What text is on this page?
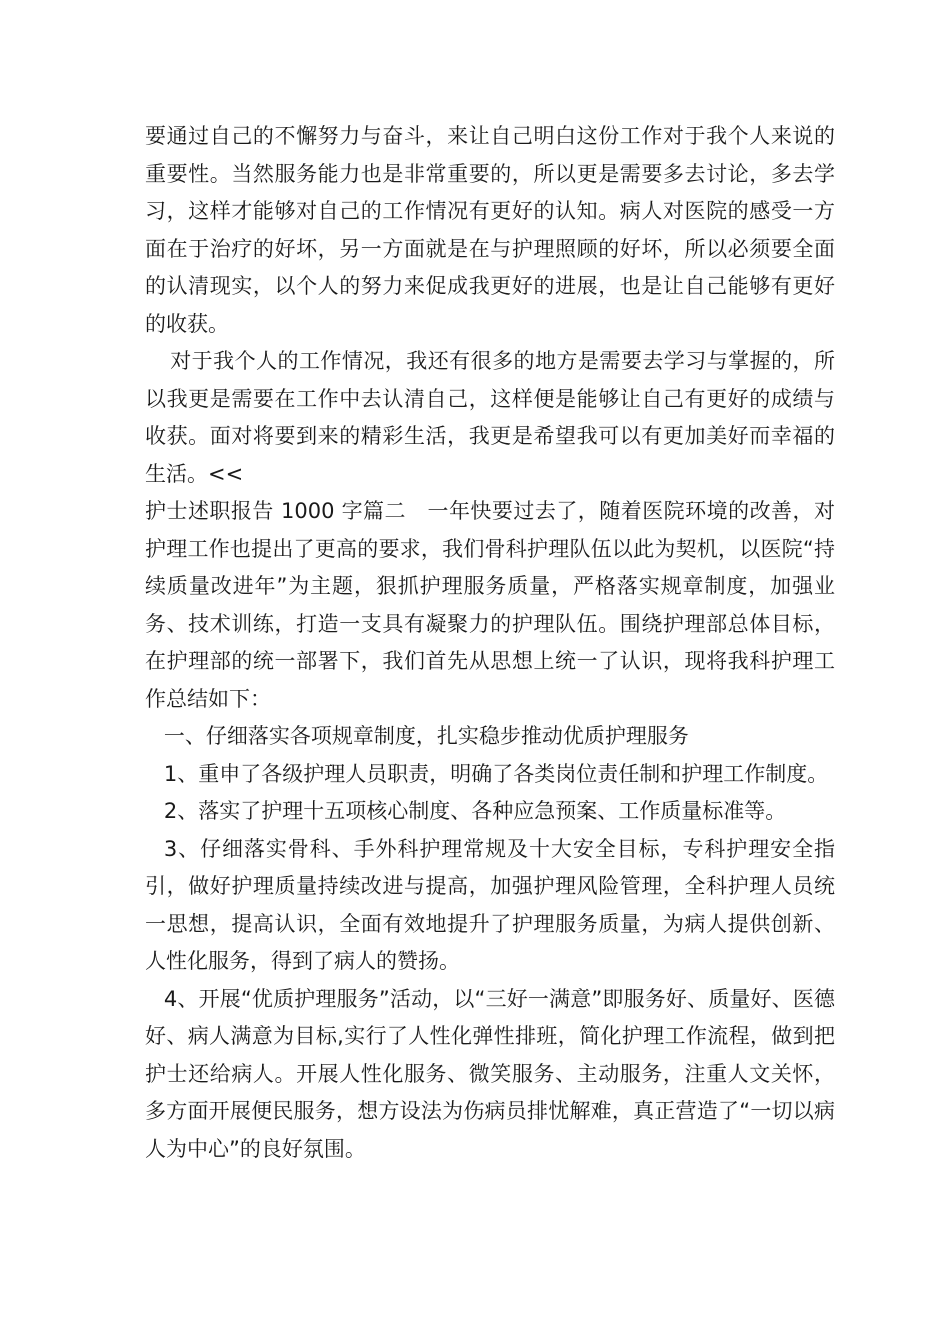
要通过自己的不懈努力与奋斗，来让自己明白这份工作对于我个人来说的重要性。当然服务能力也是非常重要的，所以更是需要多去讨论，多去学习，这样才能够对自己的工作情况有更好的认知。病人对医院的感受一方面在于治疗的好坏，另一方面就是在与护理照顾的好坏，所以必须要全面的认清现实，以个人的努力来促成我更好的进展，也是让自己能够有更好的收获。

对于我个人的工作情况，我还有很多的地方是需要去学习与掌握的，所以我更是需要在工作中去认清自己，这样便是能够让自己有更好的成绩与收获。面对将要到来的精彩生活，我更是希望我可以有更加美好而幸福的生活。<<

护士述职报告 1000 字篇二　一年快要过去了，随着医院环境的改善，对护理工作也提出了更高的要求，我们骨科护理队伍以此为契机，以医院“持续质量改进年”为主题，狠抓护理服务质量，严格落实规章制度，加强业务、技术训练，打造一支具有凝聚力的护理队伍。围绕护理部总体目标，在护理部的统一部署下，我们首先从思想上统一了认识，现将我科护理工作总结如下：

一、仔细落实各项规章制度，扎实稳步推动优质护理服务

1、重申了各级护理人员职责，明确了各类岗位责任制和护理工作制度。

2、落实了护理十五项核心制度、各种应急预案、工作质量标准等。

3、仔细落实骨科、手外科护理常规及十大安全目标，专科护理安全指引，做好护理质量持续改进与提高，加强护理风险管理，全科护理人员统一思想，提高认识，全面有效地提升了护理服务质量，为病人提供创新、人性化服务，得到了病人的赞扬。

4、开展“优质护理服务”活动，以“三好一满意”即服务好、质量好、医德好、病人满意为目标,实行了人性化弹性排班，简化护理工作流程，做到把护士还给病人。开展人性化服务、微笑服务、主动服务，注重人文关怀，多方面开展便民服务，想方设法为伤病员排忧解难，真正营造了“一切以病人为中心”的良好氛围。
